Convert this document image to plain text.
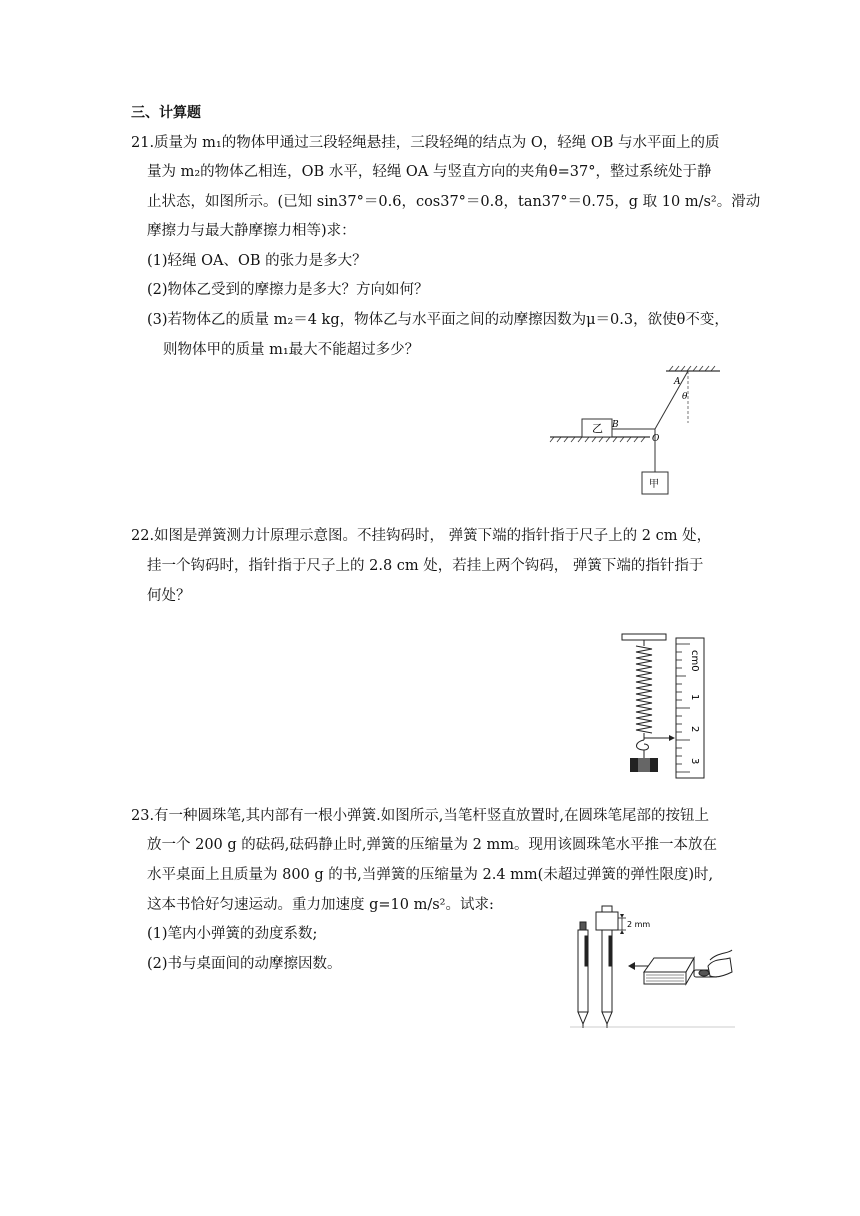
三、计算题
21.质量为 m₁的物体甲通过三段轻绳悬挂，三段轻绳的结点为 O，轻绳 OB 与水平面上的质
量为 m₂的物体乙相连，OB 水平，轻绳 OA 与竖直方向的夹角θ=37°，整过系统处于静
止状态，如图所示。(已知 sin37°＝0.6，cos37°＝0.8，tan37°＝0.75，g 取 10 m/s²。滑动
摩擦力与最大静摩擦力相等)求：
(1)轻绳 OA、OB 的张力是多大？
(2)物体乙受到的摩擦力是多大？方向如何？
(3)若物体乙的质量 m₂＝4 kg，物体乙与水平面之间的动摩擦因数为μ＝0.3，欲使θ不变，
则物体甲的质量 m₁最大不能超过多少？
乙
甲
A
θ
B
O
22.如图是弹簧测力计原理示意图。不挂钩码时， 弹簧下端的指针指于尺子上的 2 cm 处，
挂一个钩码时，指针指于尺子上的 2.8 cm 处，若挂上两个钩码， 弹簧下端的指针指于
何处？
cm0
1
2
3
23.有一种圆珠笔,其内部有一根小弹簧.如图所示,当笔杆竖直放置时,在圆珠笔尾部的按钮上
放一个 200 g 的砝码,砝码静止时,弹簧的压缩量为 2 mm。现用该圆珠笔水平推一本放在
水平桌面上且质量为 800 g 的书,当弹簧的压缩量为 2.4 mm(未超过弹簧的弹性限度)时,
这本书恰好匀速运动。重力加速度 g=10 m/s²。试求:
(1)笔内小弹簧的劲度系数;
(2)书与桌面间的动摩擦因数。
2 mm
